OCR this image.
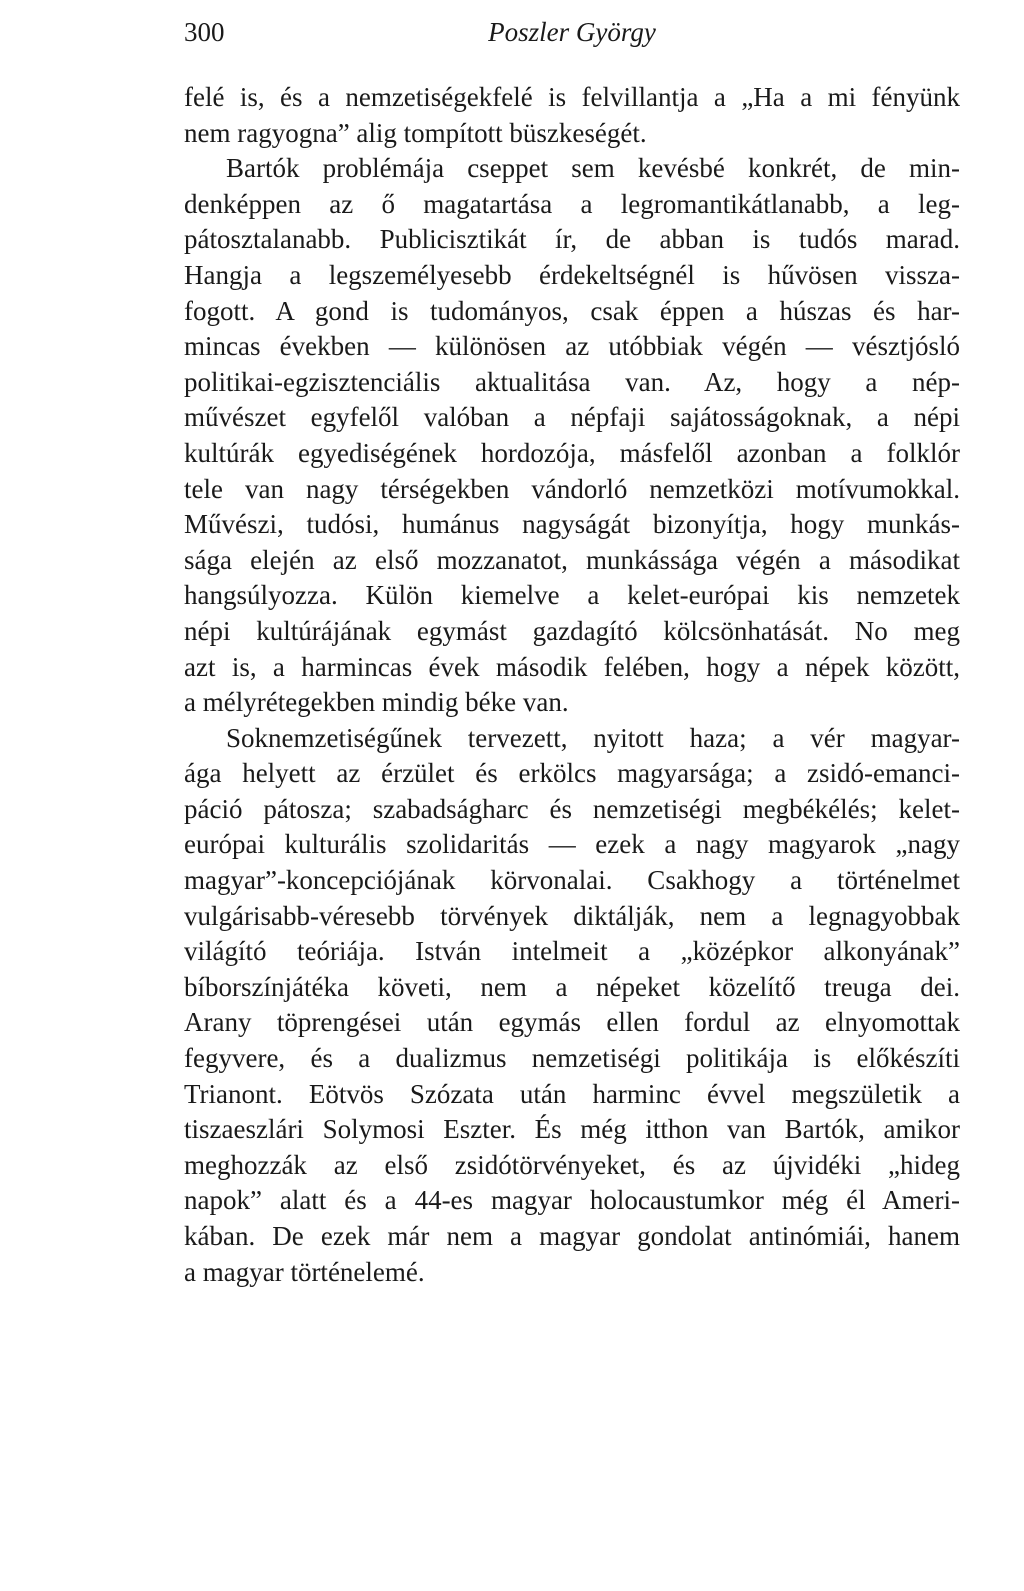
300	Poszler György
felé is, és a nemzetiségekfelé is felvillantja a „Ha a mi fényünk
nem ragyogna” alig tompított büszkeségét.
Bartók problémája cseppet sem kevésbé konkrét, de min-
denképpen az ő magatartása a legromantikátlanabb, a leg-
pátosztalanabb. Publicisztikát ír, de abban is tudós marad.
Hangja a legszemélyesebb érdekeltségnél is hűvösen vissza-
fogott. A gond is tudományos, csak éppen a húszas és har-
mincas években — különösen az utóbbiak végén — vésztjósló
politikai-egzisztenciális aktualitása van. Az, hogy a nép-
művészet egyfelől valóban a népfaji sajátosságoknak, a népi
kultúrák egyediségének hordozója, másfelől azonban a folklór
tele van nagy térségekben vándorló nemzetközi motívumokkal.
Művészi, tudósi, humánus nagyságát bizonyítja, hogy munkás-
sága elején az első mozzanatot, munkássága végén a másodikat
hangsúlyozza. Külön kiemelve a kelet-európai kis nemzetek
népi kultúrájának egymást gazdagító kölcsönhatását. No meg
azt is, a harmincas évek második felében, hogy a népek között,
a mélyrétegekben mindig béke van.
Soknemzetiségűnek tervezett, nyitott haza; a vér magyar-
ága helyett az érzület és erkölcs magyarsága; a zsidó-emanci-
páció pátosza; szabadságharc és nemzetiségi megbékélés; kelet-
európai kulturális szolidaritás — ezek a nagy magyarok „nagy
magyar”-koncepciójának körvonalai. Csakhogy a történelmet
vulgárisabb-véresebb törvények diktálják, nem a legnagyobbak
világító teóriája. István intelmeit a „középkor alkonyának”
bíborszínjátéka követi, nem a népeket közelítő treuga dei.
Arany töprengései után egymás ellen fordul az elnyomottak
fegyvere, és a dualizmus nemzetiségi politikája is előkészíti
Trianont. Eötvös Szózata után harminc évvel megszületik a
tiszaeszlári Solymosi Eszter. És még itthon van Bartók, amikor
meghozzák az első zsidótörvényeket, és az újvidéki „hideg
napok” alatt és a 44-es magyar holocaustumkor még él Ameri-
kában. De ezek már nem a magyar gondolat antinómiái, hanem
a magyar történelemé.
